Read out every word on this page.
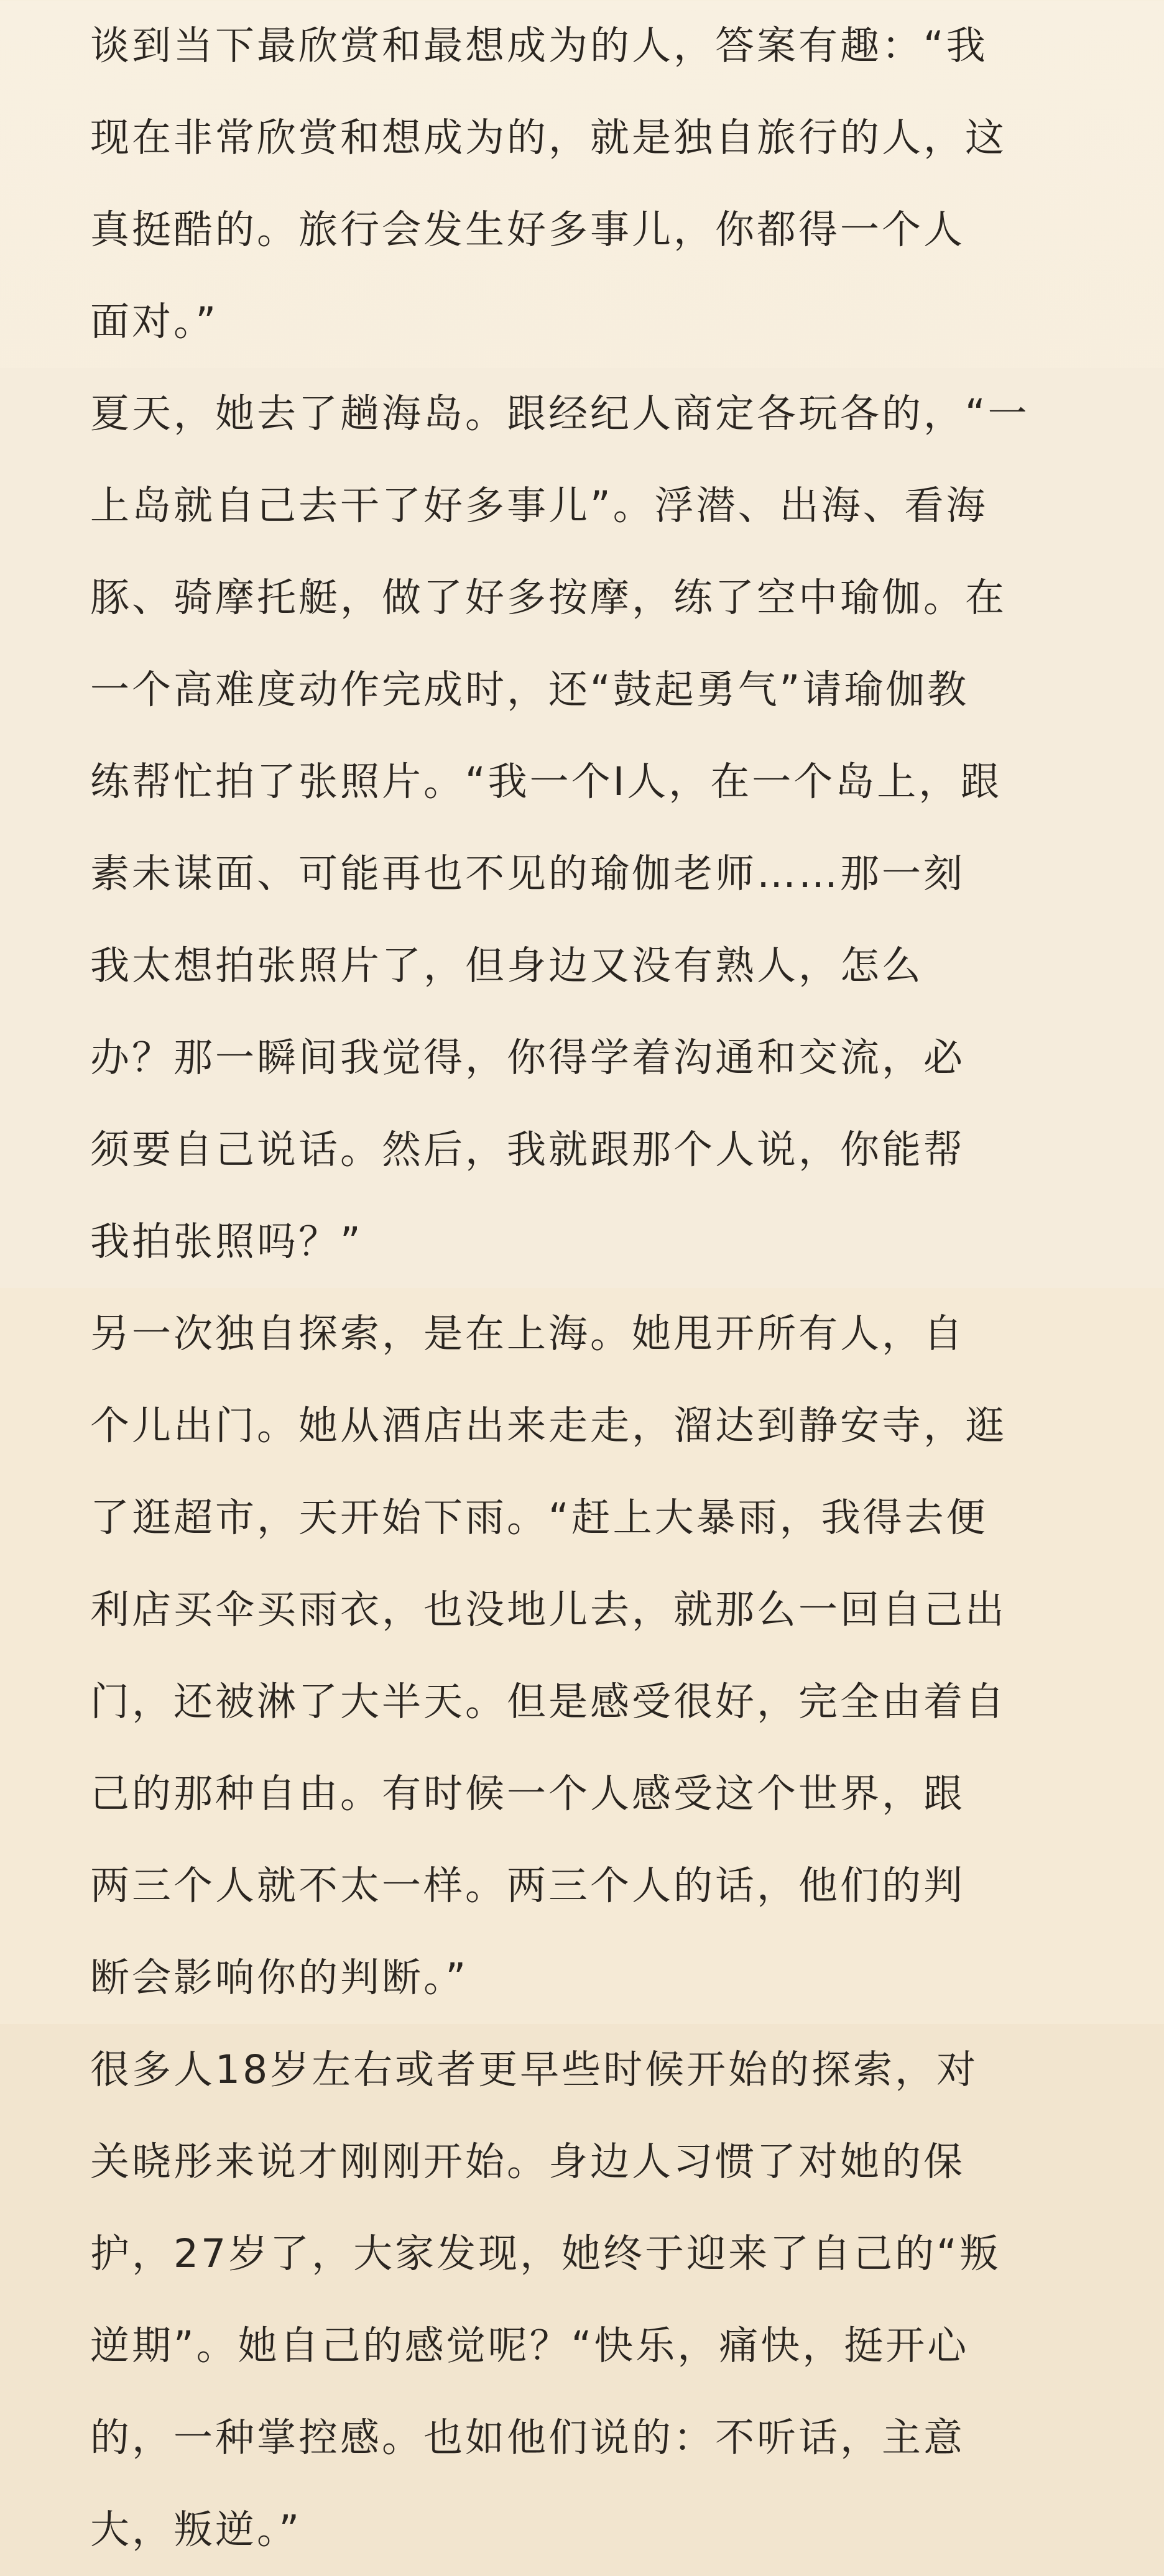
谈到当下最欣赏和最想成为的人，答案有趣：“我
现在非常欣赏和想成为的，就是独自旅行的人，这
真挺酷的。旅行会发生好多事儿，你都得一个人
面对。”
夏天，她去了趟海岛。跟经纪人商定各玩各的，“一
上岛就自己去干了好多事儿”。浮潜、出海、看海
豚、骑摩托艇，做了好多按摩，练了空中瑜伽。在
一个高难度动作完成时，还“鼓起勇气”请瑜伽教
练帮忙拍了张照片。“我一个I人，在一个岛上，跟
素未谋面、可能再也不见的瑜伽老师……那一刻
我太想拍张照片了，但身边又没有熟人，怎么
办？那一瞬间我觉得，你得学着沟通和交流，必
须要自己说话。然后，我就跟那个人说，你能帮
我拍张照吗？”
另一次独自探索，是在上海。她甩开所有人，自
个儿出门。她从酒店出来走走，溜达到静安寺，逛
了逛超市，天开始下雨。“赶上大暴雨，我得去便
利店买伞买雨衣，也没地儿去，就那么一回自己出
门，还被淋了大半天。但是感受很好，完全由着自
己的那种自由。有时候一个人感受这个世界，跟
两三个人就不太一样。两三个人的话，他们的判
断会影响你的判断。”
很多人18岁左右或者更早些时候开始的探索，对
关晓彤来说才刚刚开始。身边人习惯了对她的保
护，27岁了，大家发现，她终于迎来了自己的“叛
逆期”。她自己的感觉呢？“快乐，痛快，挺开心
的，一种掌控感。也如他们说的：不听话，主意
大，叛逆。”
